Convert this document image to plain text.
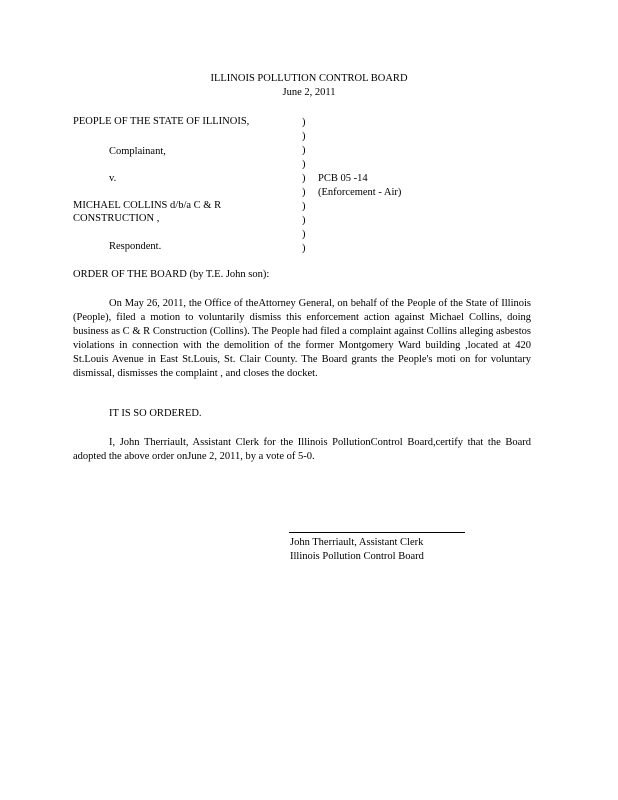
ILLINOIS POLLUTION CONTROL BOARD
June 2, 2011
PEOPLE OF THE STATE OF ILLINOIS,
Complainant,
v.
MICHAEL COLLINS d/b/a C & R
CONSTRUCTION ,
Respondent.
)
)
)
)
)
)
)
)
)
)
PCB 05 -14
(Enforcement - Air)
ORDER OF THE BOARD (by T.E. John son):
On May 26, 2011, the Office of theAttorney General, on behalf of the People of the State of Illinois (People), filed a motion to voluntarily dismiss this enforcement action against Michael Collins, doing business as C & R Construction (Collins). The People had filed a complaint against Collins alleging asbestos violations in connection with the demolition of the former Montgomery Ward building ,located at 420 St.Louis Avenue in East St.Louis, St. Clair County. The Board grants the People's moti on for voluntary dismissal, dismisses the complaint , and closes the docket.
IT IS SO ORDERED.
I, John Therriault, Assistant Clerk for the Illinois PollutionControl Board,certify that the Board adopted the above order onJune 2, 2011, by a vote of 5-0.
John Therriault, Assistant Clerk
Illinois Pollution Control Board
